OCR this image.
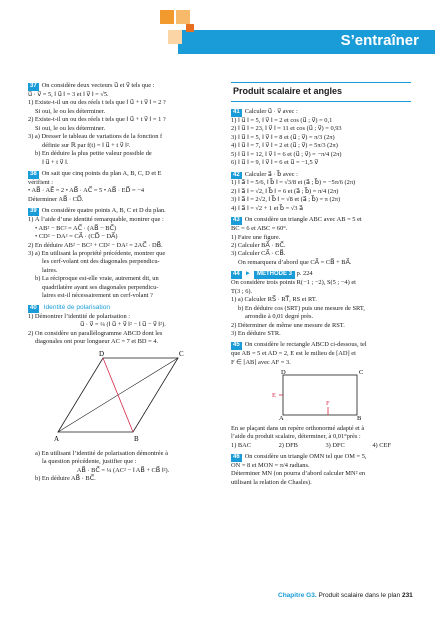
S’entraîner
37 On considère deux vecteurs u⃗ et v⃗ tels que :
u⃗ · v⃗ = 5, ‖ u⃗ ‖ = 3 et ‖ v⃗ ‖ = √5.
1) Existe-t-il un ou des réels t tels que ‖ u⃗ + t v⃗ ‖ = 2 ?
Si oui, le ou les déterminer.
2) Existe-t-il un ou des réels t tels que ‖ u⃗ + t v⃗ ‖ = 1 ?
Si oui, le ou les déterminer.
3) a) Dresser le tableau de variations de la fonction f
définie sur ℝ par f(t) = ‖ u⃗ + t v⃗ ‖².
b) En déduire la plus petite valeur possible de
‖ u⃗ + t v⃗ ‖.
38 On sait que cinq points du plan A, B, C, D et E
vérifient :
• AB⃗ · AE⃗ = 2 • AB⃗ · AC⃗ = 5 • AB⃗ · ED⃗ = −4
Déterminer AB⃗ · CD⃗.
39 On considère quatre points A, B, C et D du plan.
1) À l’aide d’une identité remarquable, montrer que :
• AB² − BC² = AC⃗ · (AB⃗ − BC⃗)
• CD² − DA² = CA⃗ · (CD⃗ − DA⃗)
2) En déduire AB² − BC² + CD² − DA² = 2AC⃗ · DB⃗.
3) a) En utilisant la propriété précédente, montrer que
les cerf-volant ont des diagonales perpendicu-
laires.
b) La réciproque est-elle vraie, autrement dit, un
quadrilatère ayant ses diagonales perpendicu-
laires est-il nécessairement un cerf-volant ?
40 Identité de polarisation
1) Démontrer l’identité de polarisation :
u⃗ · v⃗ = ¼ (‖ u⃗ + v⃗ ‖² − ‖ u⃗ − v⃗ ‖²).
2) On considère un parallélogramme ABCD dont les
diagonales ont pour longueur AC = 7 et BD = 4.
A	B
C
D
a) En utilisant l’identité de polarisation démontrée à
la question précédente, justifier que :
AB⃗ · BC⃗ = ¼ (AC² − ‖ AB⃗ + CB⃗ ‖²).
b) En déduire AB⃗ · BC⃗.
Produit scalaire et angles
41 Calculer u⃗ · v⃗ avec :
1) ‖ u⃗ ‖ = 5, ‖ v⃗ ‖ = 2 et cos (u⃗ ; v⃗) = 0,1
2) ‖ u⃗ ‖ = 23, ‖ v⃗ ‖ = 11 et cos (u⃗ ; v⃗) = 0,93
3) ‖ u⃗ ‖ = 5, ‖ v⃗ ‖ = 8 et (u⃗ ; v⃗) = π/3 (2π)
4) ‖ u⃗ ‖ = 7, ‖ v⃗ ‖ = 2 et (u⃗ ; v⃗) = 5π/3 (2π)
5) ‖ u⃗ ‖ = 12, ‖ v⃗ ‖ = 6 et (u⃗ ; v⃗) = −π/4 (2π)
6) ‖ u⃗ ‖ = 9, ‖ v⃗ ‖ = 6 et u⃗ = −1,5 v⃗
42 Calculer a⃗ · b⃗ avec :
1) ‖ a⃗ ‖ = 5/6, ‖ b⃗ ‖ = √3/8 et (a⃗ ; b⃗) = −5π/6 (2π)
2) ‖ a⃗ ‖ = √2, ‖ b⃗ ‖ = 6 et (a⃗ ; b⃗) = π/4 (2π)
3) ‖ a⃗ ‖ = 2√2, ‖ b⃗ ‖ = √8 et (a⃗ ; b⃗) = π (2π)
4) ‖ a⃗ ‖ = √2 + 1 et b⃗ = √3 a⃗
43 On considère un triangle ABC avec AB = 5 et
BC = 6 et ABC = 60°.
1) Faire une figure.
2) Calculer BA⃗ · BC⃗.
3) Calculer CA⃗ · CB⃗.
On remarquera d’abord que CA⃗ = CB⃗ + BA⃗.
44 ► MÉTHODE 3 p. 224
On considère trois points R(−1 ; −2), S(5 ; −4) et
T(3 ; 6).
1) a) Calculer RS⃗ · RT⃗, RS et RT.
b) En déduire cos (SRT) puis une mesure de SRT,
arrondie à 0,01 degré près.
2) Déterminer de même une mesure de RST.
3) En déduire STR.
45 On considère le rectangle ABCD ci-dessous, tel
que AB = 5 et AD = 2, E est le milieu de [AD] et
F ∈ [AB] avec AF = 3.
A	B
C
D
E
F
En se plaçant dans un repère orthonormé adapté et à
l’aide du produit scalaire, déterminer, à 0,01°près :
1) BAC	2) DFB	3) DFC	4) CEF
46 On considère un triangle OMN tel que OM = 5,
ON = 8 et MON = π/4 radians.
Déterminer MN (on pourra d’abord calculer MN² en
utilisant la relation de Chasles).
Chapitre G3. Produit scalaire dans le plan 231
